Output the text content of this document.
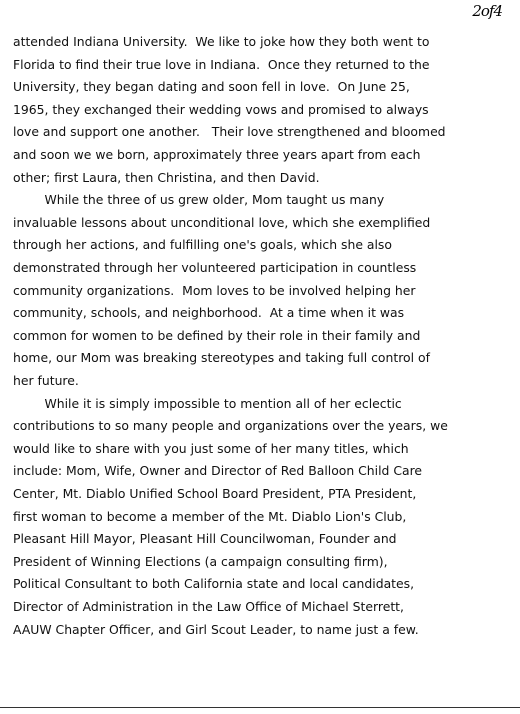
2of4
attended Indiana University.  We like to joke how they both went to
Florida to find their true love in Indiana.  Once they returned to the
University, they began dating and soon fell in love.  On June 25,
1965, they exchanged their wedding vows and promised to always
love and support one another.   Their love strengthened and bloomed
and soon we we born, approximately three years apart from each
other; first Laura, then Christina, and then David.
While the three of us grew older, Mom taught us many
invaluable lessons about unconditional love, which she exemplified
through her actions, and fulfilling one's goals, which she also
demonstrated through her volunteered participation in countless
community organizations.  Mom loves to be involved helping her
community, schools, and neighborhood.  At a time when it was
common for women to be defined by their role in their family and
home, our Mom was breaking stereotypes and taking full control of
her future.
While it is simply impossible to mention all of her eclectic
contributions to so many people and organizations over the years, we
would like to share with you just some of her many titles, which
include: Mom, Wife, Owner and Director of Red Balloon Child Care
Center, Mt. Diablo Unified School Board President, PTA President,
first woman to become a member of the Mt. Diablo Lion's Club,
Pleasant Hill Mayor, Pleasant Hill Councilwoman, Founder and
President of Winning Elections (a campaign consulting firm),
Political Consultant to both California state and local candidates,
Director of Administration in the Law Office of Michael Sterrett,
AAUW Chapter Officer, and Girl Scout Leader, to name just a few.
